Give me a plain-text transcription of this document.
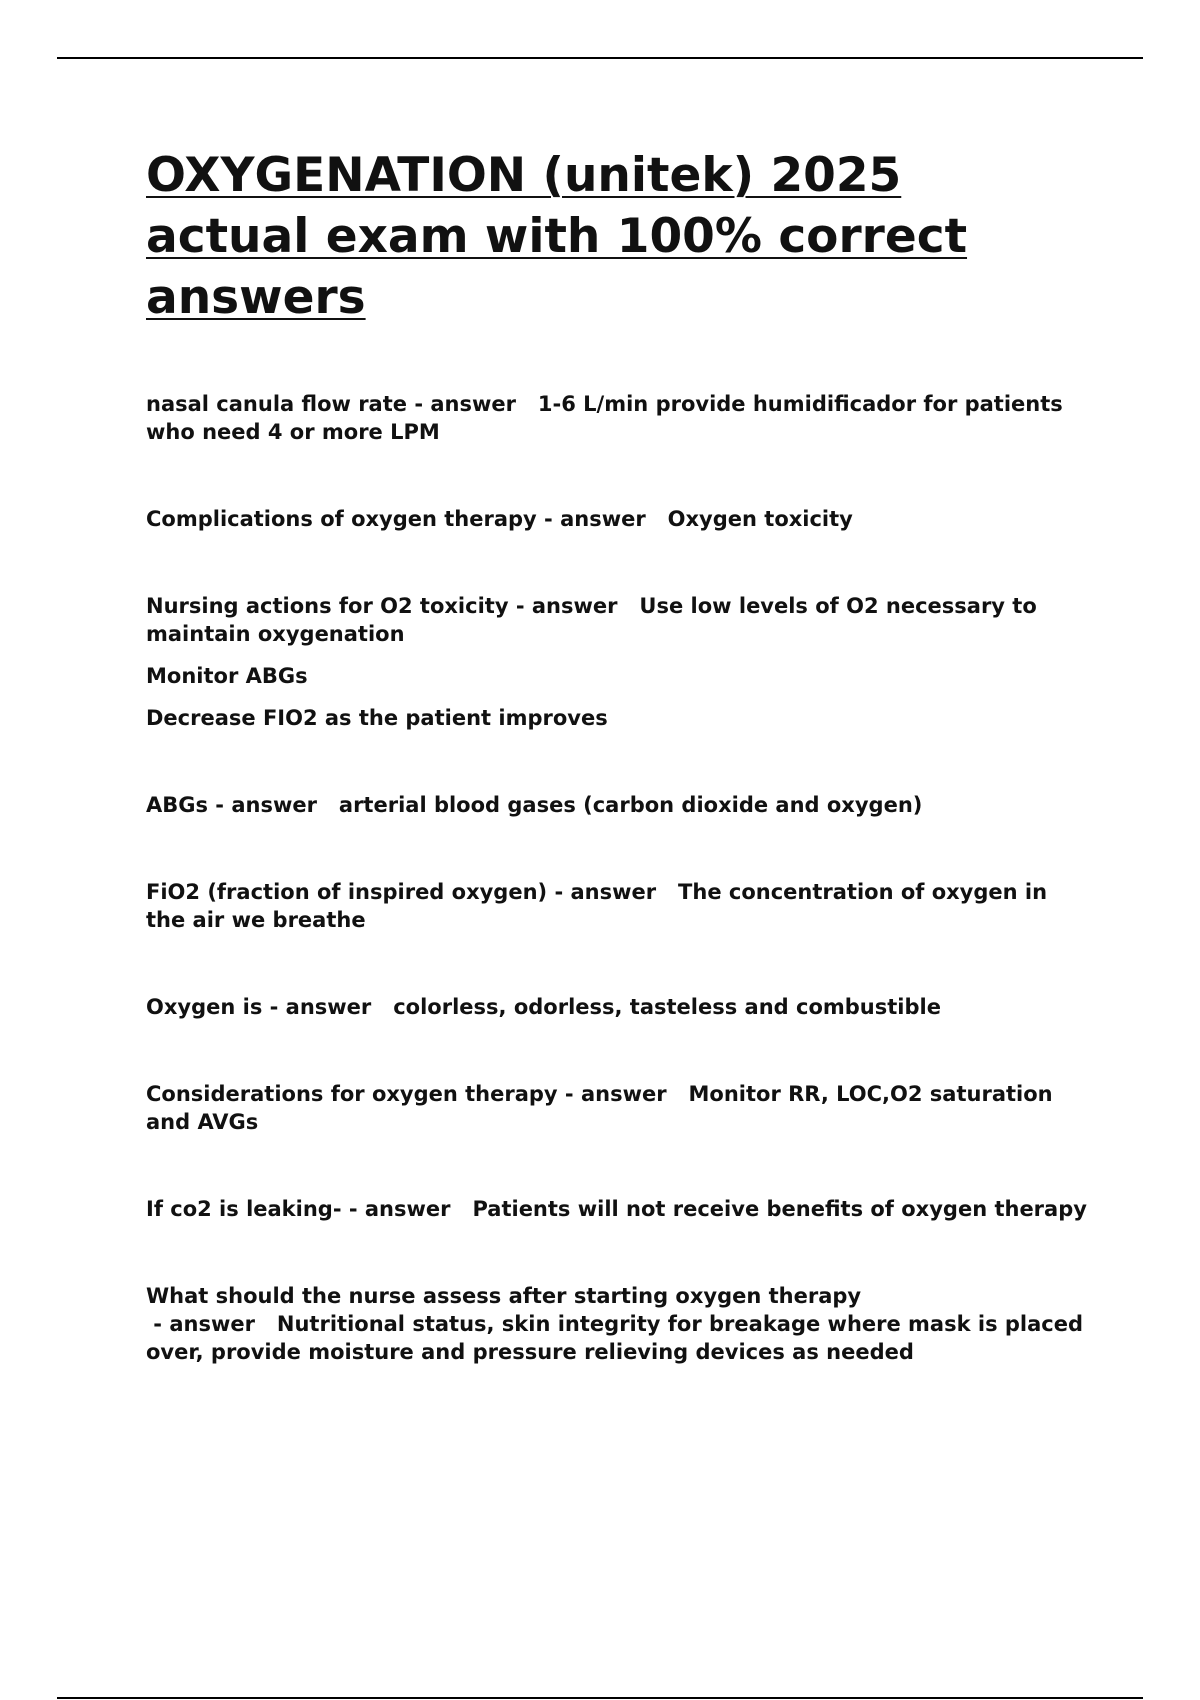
OXYGENATION (unitek) 2025 actual exam with 100% correct answers

nasal canula flow rate - answer   1-6 L/min provide humidificador for patients who need 4 or more LPM

Complications of oxygen therapy - answer   Oxygen toxicity

Nursing actions for O2 toxicity - answer   Use low levels of O2 necessary to maintain oxygenation

Monitor ABGs

Decrease FIO2 as the patient improves

ABGs - answer   arterial blood gases (carbon dioxide and oxygen)

FiO2 (fraction of inspired oxygen) - answer   The concentration of oxygen in the air we breathe

Oxygen is - answer   colorless, odorless, tasteless and combustible

Considerations for oxygen therapy - answer   Monitor RR, LOC,O2 saturation and AVGs

If co2 is leaking- - answer   Patients will not receive benefits of oxygen therapy

What should the nurse assess after starting oxygen therapy - answer   Nutritional status, skin integrity for breakage where mask is placed over, provide moisture and pressure relieving devices as needed
